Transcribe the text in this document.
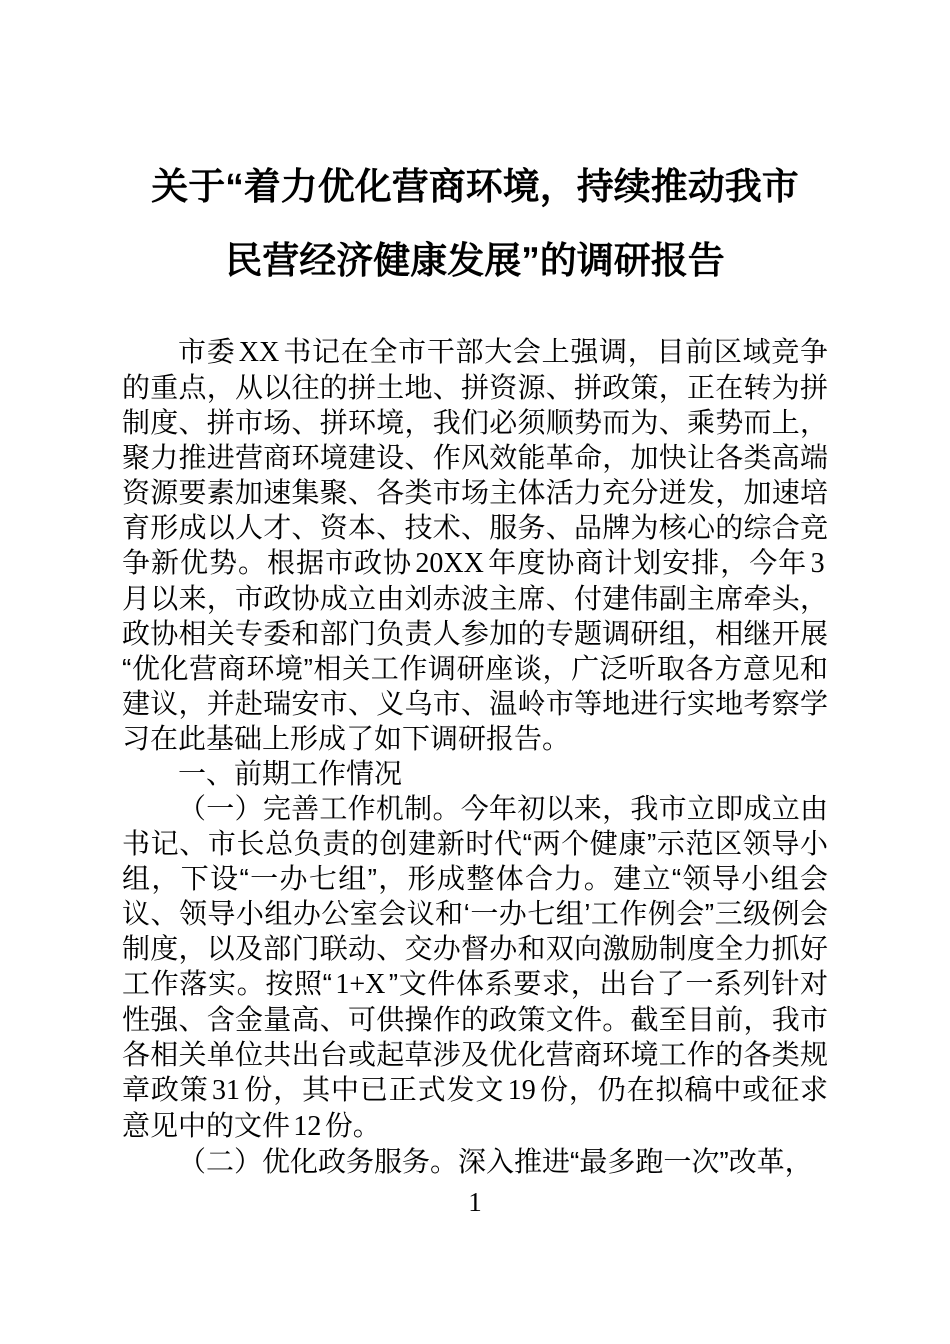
关于“着力优化营商环境，持续推动我市
民营经济健康发展”的调研报告

市委 XX 书记在全市干部大会上强调，目前区域竞争的重点，从以往的拼土地、拼资源、拼政策，正在转为拼制度、拼市场、拼环境，我们必须顺势而为、乘势而上，聚力推进营商环境建设、作风效能革命，加快让各类高端资源要素加速集聚、各类市场主体活力充分迸发，加速培育形成以人才、资本、技术、服务、品牌为核心的综合竞争新优势。根据市政协 20XX 年度协商计划安排，今年 3月以来，市政协成立由刘赤波主席、付建伟副主席牵头，政协相关专委和部门负责人参加的专题调研组，相继开展“优化营商环境”相关工作调研座谈，广泛听取各方意见和建议，并赴瑞安市、义乌市、温岭市等地进行实地考察学习在此基础上形成了如下调研报告。

一、前期工作情况

（一）完善工作机制。今年初以来，我市立即成立由书记、市长总负责的创建新时代“两个健康”示范区领导小组，下设“一办七组”，形成整体合力。建立“领导小组会议、领导小组办公室会议和‘一办七组’工作例会”三级例会制度，以及部门联动、交办督办和双向激励制度全力抓好工作落实。按照“ 1+X ”文件体系要求，出台了一系列针对性强、含金量高、可供操作的政策文件。截至目前，我市各相关单位共出台或起草涉及优化营商环境工作的各类规章政策 31 份，其中已正式发文 19 份，仍在拟稿中或征求意见中的文件 12 份。

（二）优化政务服务。深入推进“最多跑一次”改革，

1
